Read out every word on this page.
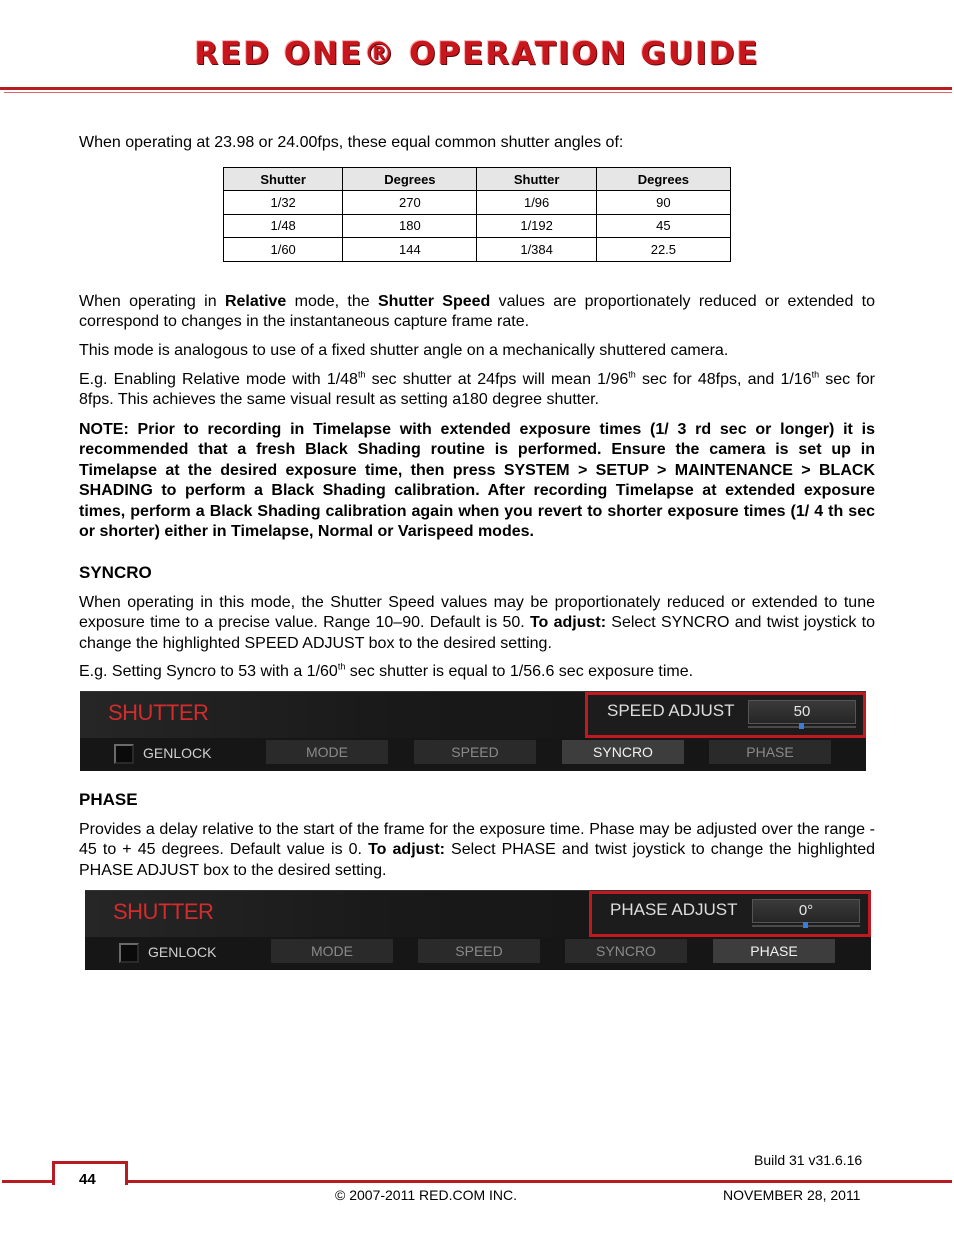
RED ONE® OPERATION GUIDE
When operating at 23.98 or 24.00fps, these equal common shutter angles of:
Shutter	Degrees	Shutter	Degrees
1/32	270	1/96	90
1/48	180	1/192	45
1/60	144	1/384	22.5
When operating in Relative mode, the Shutter Speed values are proportionately reduced or extended to correspond to changes in the instantaneous capture frame rate.
This mode is analogous to use of a fixed shutter angle on a mechanically shuttered camera.
E.g. Enabling Relative mode with 1/48th sec shutter at 24fps will mean 1/96th sec for 48fps, and 1/16th sec for 8fps. This achieves the same visual result as setting a180 degree shutter.
NOTE: Prior to recording in Timelapse with extended exposure times (1/ 3 rd sec or longer) it is recommended that a fresh Black Shading routine is performed. Ensure the camera is set up in Timelapse at the desired exposure time, then press SYSTEM > SETUP > MAINTENANCE > BLACK SHADING to perform a Black Shading calibration. After recording Timelapse at extended exposure times, perform a Black Shading calibration again when you revert to shorter exposure times (1/ 4 th sec or shorter) either in Timelapse, Normal or Varispeed modes.
SYNCRO
When operating in this mode, the Shutter Speed values may be proportionately reduced or extended to tune exposure time to a precise value. Range 10–90. Default is 50. To adjust: Select SYNCRO and twist joystick to change the highlighted SPEED ADJUST box to the desired setting.
E.g. Setting Syncro to 53 with a 1/60th sec shutter is equal to 1/56.6 sec exposure time.
SHUTTER	SPEED ADJUST	50
GENLOCK	MODE	SPEED	SYNCRO	PHASE
PHASE
Provides a delay relative to the start of the frame for the exposure time. Phase may be adjusted over the range - 45 to + 45 degrees. Default value is 0. To adjust: Select PHASE and twist joystick to change the highlighted PHASE ADJUST box to the desired setting.
SHUTTER	PHASE ADJUST	0°
GENLOCK	MODE	SPEED	SYNCRO	PHASE
Build 31 v31.6.16
44
© 2007-2011 RED.COM INC.	NOVEMBER 28, 2011
